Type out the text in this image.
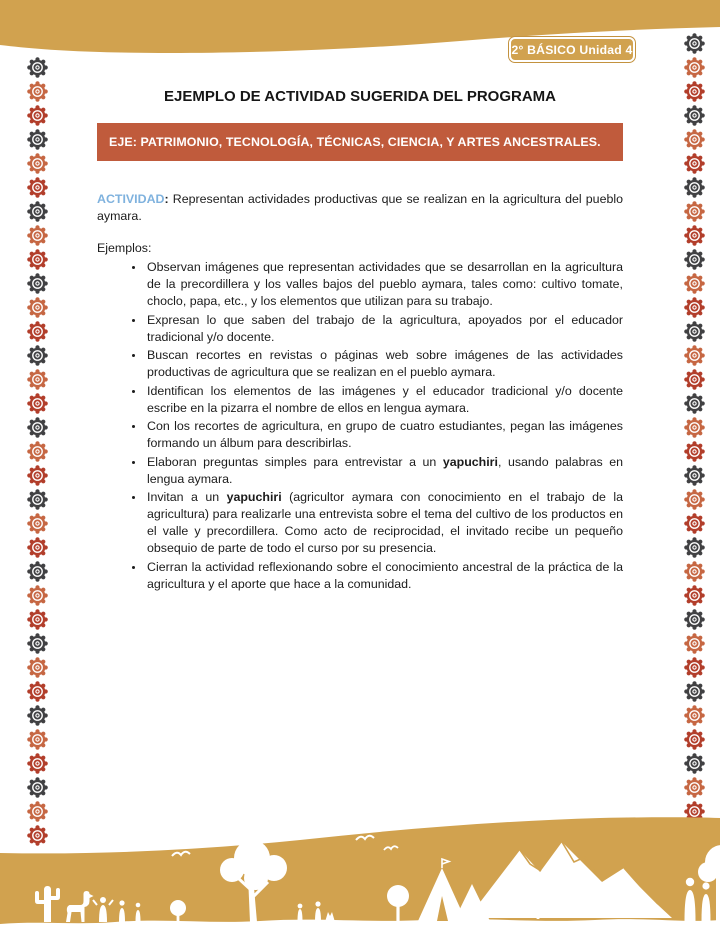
2° BÁSICO Unidad 4
EJEMPLO DE ACTIVIDAD SUGERIDA DEL PROGRAMA
EJE: PATRIMONIO, TECNOLOGÍA, TÉCNICAS, CIENCIA, Y ARTES ANCESTRALES.

ACTIVIDAD: Representan actividades productivas que se realizan en la agricultura del pueblo aymara.

Ejemplos:

• Observan imágenes que representan actividades que se desarrollan en la agricultura de la precordillera y los valles bajos del pueblo aymara, tales como: cultivo tomate, choclo, papa, etc., y los elementos que utilizan para su trabajo.
• Expresan lo que saben del trabajo de la agricultura, apoyados por el educador tradicional y/o docente.
• Buscan recortes en revistas o páginas web sobre imágenes de las actividades productivas de agricultura que se realizan en el pueblo aymara.
• Identifican los elementos de las imágenes y el educador tradicional y/o docente escribe en la pizarra el nombre de ellos en lengua aymara.
• Con los recortes de agricultura, en grupo de cuatro estudiantes, pegan las imágenes formando un álbum para describirlas.
• Elaboran preguntas simples para entrevistar a un yapuchiri, usando palabras en lengua aymara.
• Invitan a un yapuchiri (agricultor aymara con conocimiento en el trabajo de la agricultura) para realizarle una entrevista sobre el tema del cultivo de los productos en el valle y precordillera. Como acto de reciprocidad, el invitado recibe un pequeño obsequio de parte de todo el curso por su presencia.
• Cierran la actividad reflexionando sobre el conocimiento ancestral de la práctica de la agricultura y el aporte que hace a la comunidad.
